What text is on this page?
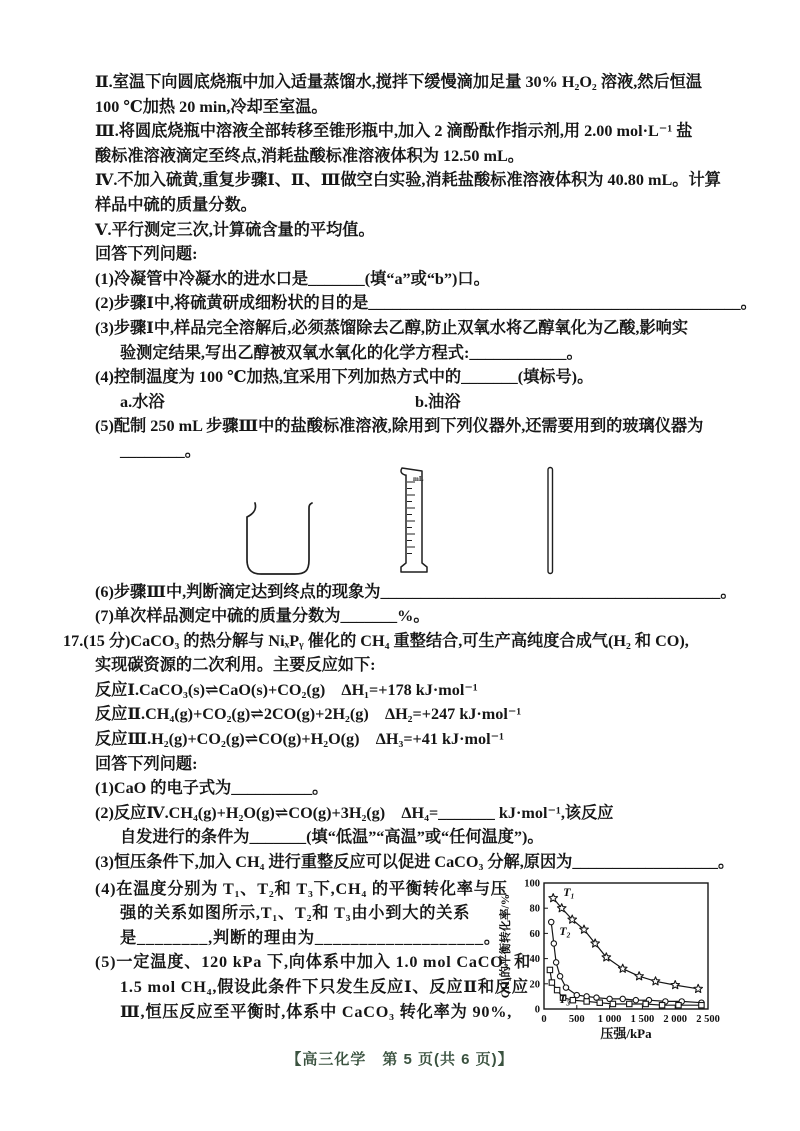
Ⅱ.室温下向圆底烧瓶中加入适量蒸馏水,搅拌下缓慢滴加足量 30% H₂O₂ 溶液,然后恒温
100 ℃加热 20 min,冷却至室温。
Ⅲ.将圆底烧瓶中溶液全部转移至锥形瓶中,加入 2 滴酚酞作指示剂,用 2.00 mol·L⁻¹ 盐
酸标准溶液滴定至终点,消耗盐酸标准溶液体积为 12.50 mL。
Ⅳ.不加入硫黄,重复步骤Ⅰ、Ⅱ、Ⅲ做空白实验,消耗盐酸标准溶液体积为 40.80 mL。计算
样品中硫的质量分数。
Ⅴ.平行测定三次,计算硫含量的平均值。
回答下列问题:
(1)冷凝管中冷凝水的进水口是_______(填“a”或“b”)口。
(2)步骤Ⅰ中,将硫黄研成细粉状的目的是______________________________________________。
(3)步骤Ⅰ中,样品完全溶解后,必须蒸馏除去乙醇,防止双氧水将乙醇氧化为乙酸,影响实
验测定结果,写出乙醇被双氧水氧化的化学方程式:____________。
(4)控制温度为 100 ℃加热,宜采用下列加热方式中的_______(填标号)。
a.水浴	b.油浴
(5)配制 250 mL 步骤Ⅲ中的盐酸标准溶液,除用到下列仪器外,还需要用到的玻璃仪器为
________。
mL
(6)步骤Ⅲ中,判断滴定达到终点的现象为__________________________________________。
(7)单次样品测定中硫的质量分数为_______%。
17.(15 分)CaCO₃ 的热分解与 NiₓPᵧ 催化的 CH₄ 重整结合,可生产高纯度合成气(H₂ 和 CO),
实现碳资源的二次利用。主要反应如下:
反应Ⅰ.CaCO₃(s)⇌CaO(s)+CO₂(g)　ΔH₁=+178 kJ·mol⁻¹
反应Ⅱ.CH₄(g)+CO₂(g)⇌2CO(g)+2H₂(g)　ΔH₂=+247 kJ·mol⁻¹
反应Ⅲ.H₂(g)+CO₂(g)⇌CO(g)+H₂O(g)　ΔH₃=+41 kJ·mol⁻¹
回答下列问题:
(1)CaO 的电子式为__________。
(2)反应Ⅳ.CH₄(g)+H₂O(g)⇌CO(g)+3H₂(g)　ΔH₄=_______ kJ·mol⁻¹,该反应
自发进行的条件为_______(填“低温”“高温”或“任何温度”)。
(3)恒压条件下,加入 CH₄ 进行重整反应可以促进 CaCO₃ 分解,原因为__________________。
(4)在温度分别为 T₁、T₂和 T₃下,CH₄ 的平衡转化率与压
强的关系如图所示,T₁、T₂和 T₃由小到大的关系
是________,判断的理由为___________________。
(5)一定温度、120 kPa 下,向体系中加入 1.0 mol CaCO₃ 和
1.5 mol CH₄,假设此条件下只发生反应Ⅰ、反应Ⅱ和反应
Ⅲ,恒压反应至平衡时,体系中 CaCO₃ 转化率为 90%, 0
20
40
60
80
100
0 500 1 000 1 500 2 000 2 500
压强/kPa
CH₄的平衡转化率/%
T₁
T₂
T₃
【高三化学　第 5 页(共 6 页)】
